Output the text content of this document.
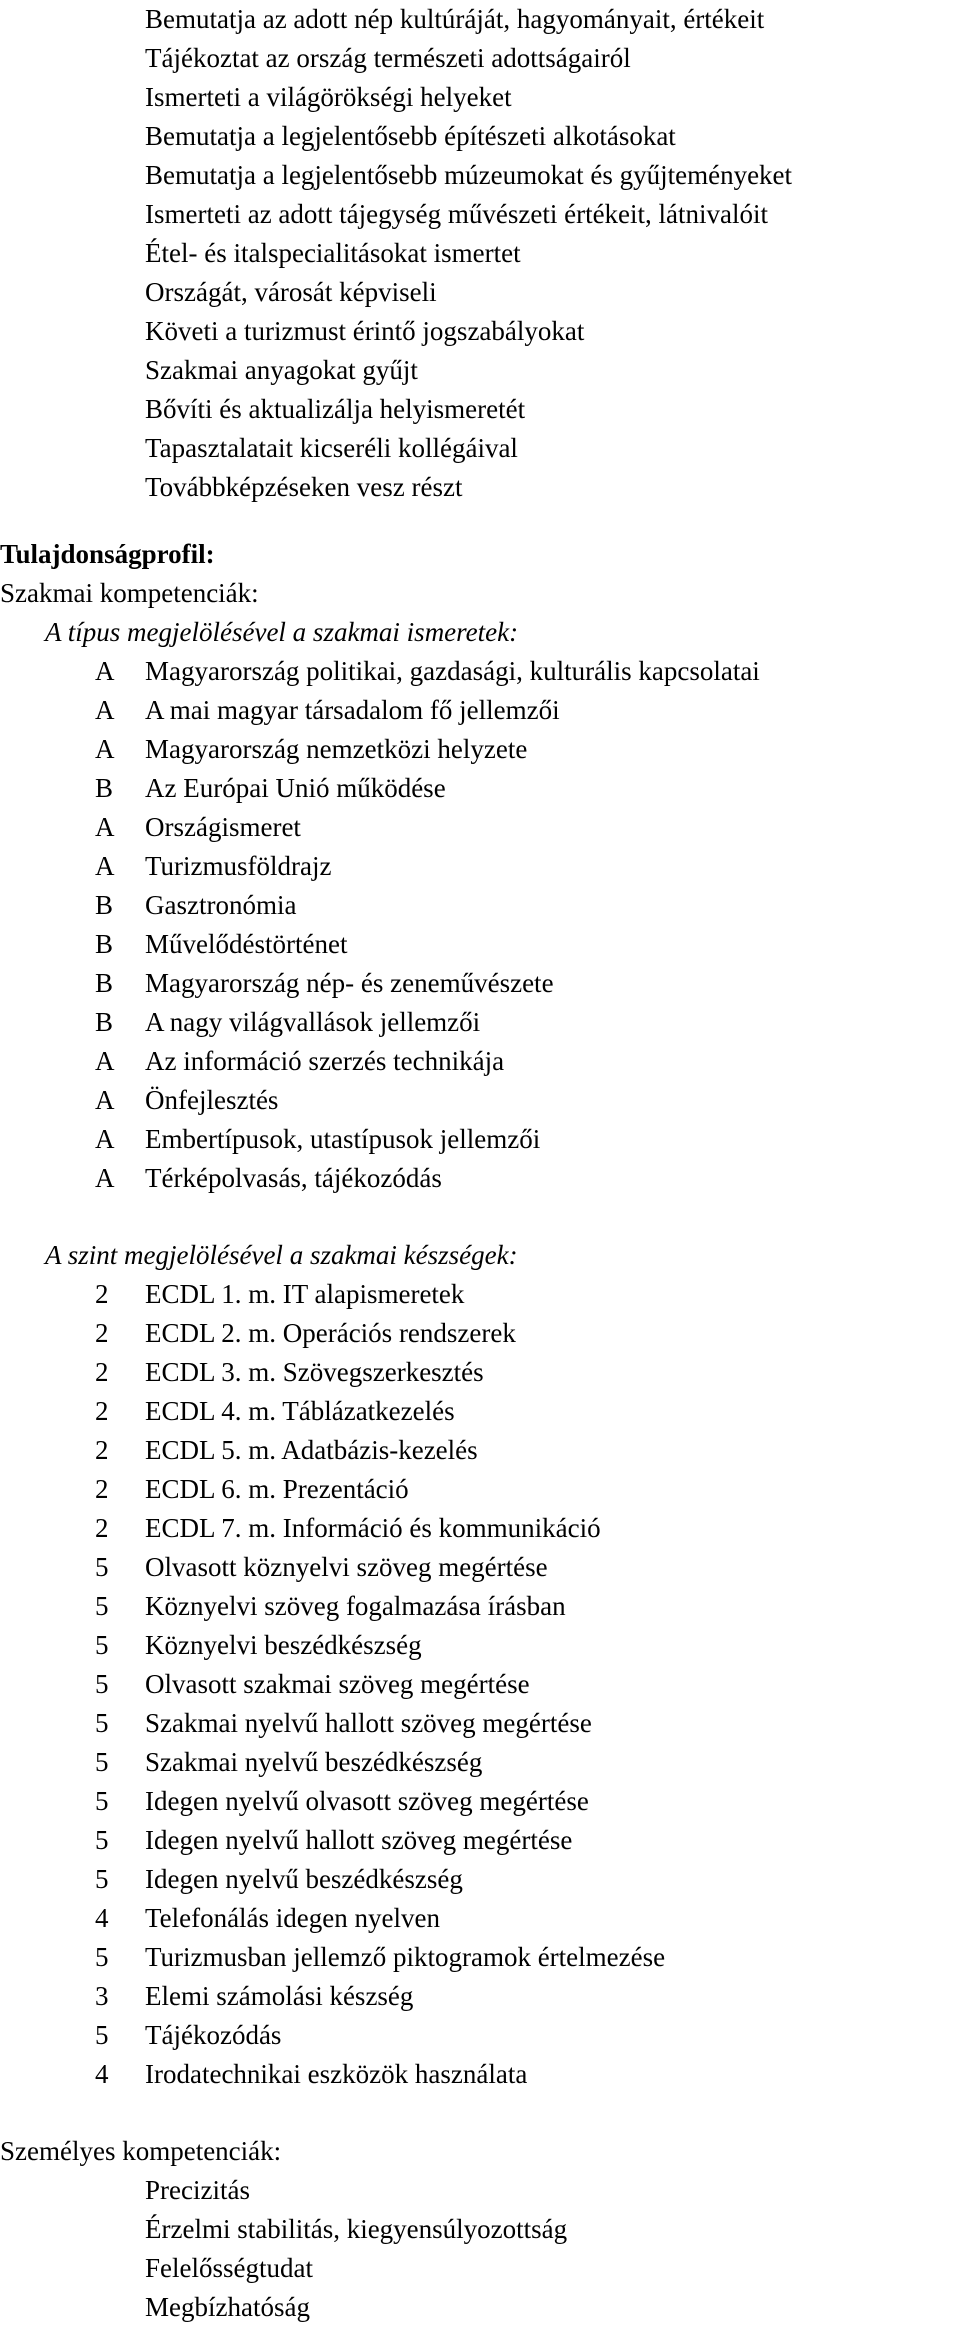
Bemutatja az adott nép kultúráját, hagyományait, értékeit
Tájékoztat az ország természeti adottságairól
Ismerteti a világörökségi helyeket
Bemutatja a legjelentősebb építészeti alkotásokat
Bemutatja a legjelentősebb múzeumokat és gyűjteményeket
Ismerteti az adott tájegység művészeti értékeit, látnivalóit
Étel- és italspecialitásokat ismertet
Országát, városát képviseli
Követi a turizmust érintő jogszabályokat
Szakmai anyagokat gyűjt
Bővíti és aktualizálja helyismeretét
Tapasztalatait kicseréli kollégáival
Továbbképzéseken vesz részt
Tulajdonságprofil:
Szakmai kompetenciák:
A típus megjelölésével a szakmai ismeretek:
A	Magyarország politikai, gazdasági, kulturális kapcsolatai
A	A mai magyar társadalom fő jellemzői
A	Magyarország nemzetközi helyzete
B	Az Európai Unió működése
A	Országismeret
A	Turizmusföldrajz
B	Gasztronómia
B	Művelődéstörténet
B	Magyarország nép- és zeneművészete
B	A nagy világvallások jellemzői
A	Az információ szerzés technikája
A	Önfejlesztés
A	Embertípusok, utastípusok jellemzői
A	Térképolvasás, tájékozódás
A szint megjelölésével a szakmai készségek:
2	ECDL 1. m. IT alapismeretek
2	ECDL 2. m. Operációs rendszerek
2	ECDL 3. m. Szövegszerkesztés
2	ECDL 4. m. Táblázatkezelés
2	ECDL 5. m. Adatbázis-kezelés
2	ECDL 6. m. Prezentáció
2	ECDL 7. m. Információ és kommunikáció
5	Olvasott köznyelvi szöveg megértése
5	Köznyelvi szöveg fogalmazása írásban
5	Köznyelvi beszédkészség
5	Olvasott szakmai szöveg megértése
5	Szakmai nyelvű hallott szöveg megértése
5	Szakmai nyelvű beszédkészség
5	Idegen nyelvű olvasott szöveg megértése
5	Idegen nyelvű hallott szöveg megértése
5	Idegen nyelvű beszédkészség
4	Telefonálás idegen nyelven
5	Turizmusban jellemző piktogramok értelmezése
3	Elemi számolási készség
5	Tájékozódás
4	Irodatechnikai eszközök használata
Személyes kompetenciák:
Precizitás
Érzelmi stabilitás, kiegyensúlyozottság
Felelősségtudat
Megbízhatóság
